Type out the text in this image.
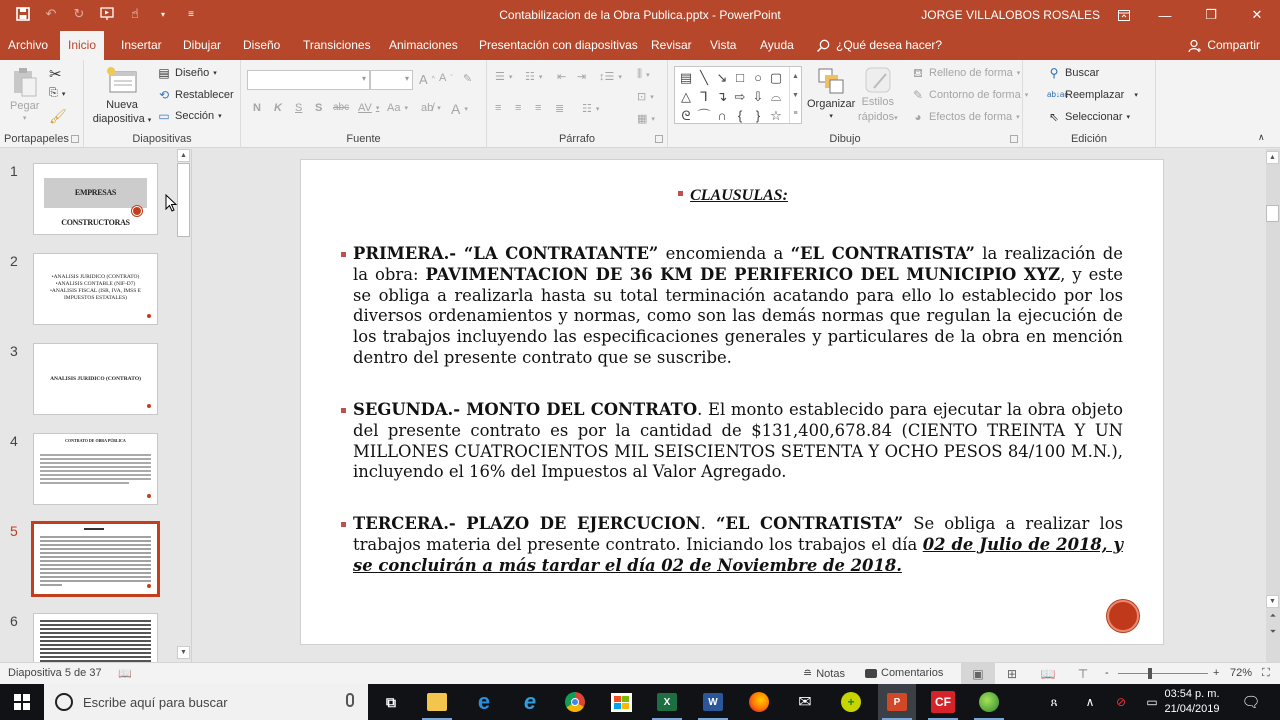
↶ ↻	☝	▾	≡	Contabilizacion de la Obra Publica.pptx - PowerPoint	JORGE VILLALOBOS ROSALES	—	❐	✕
Archivo	Inicio	Insertar	Dibujar	Diseño	Transiciones	Animaciones	Presentación con diapositivas	Revisar	Vista	Ayuda	¿Qué desea hacer?	Compartir
Pegar
▾
✂
⎘ ▾
🖌
Portapapeles
Nueva
diapositiva ▾
▤ Diseño ▾
⟲ Restablecer
▭ Sección ▾
Diapositivas
▾	▾ A ^ A ˇ ✎
N K S S abc AV ▾ Aa ▾ ab̸ ▾ A ▾
Fuente
☰ ▾ ☷ ▾ ⇤ ⇥ ↕☰ ▾ ⫼ ▾
≡ ≡ ≡ ≣ ☷ ▾
⊡ ▾
▦ ▾
Párrafo	Dibujo
▤ ╲ ↘ □ ○ ▢
△ ⅂ ↴ ⇨ ⇩ ⌓
ᘓ ⌒ ∩ {	} ☆
▲
▼
≡
Organizar
▾
Estilos
rápidos▾
⛾ Relleno de forma ▾
✎ Contorno de forma ▾
◕ Efectos de forma ▾
⚲ Buscar
ab↓ac
Reemplazar ▾
⇖ Seleccionar ▾
Edición	∧
1
EMPRESAS CONSTRUCTORAS
2
•ANALISIS JURIDICO (CONTRATO) •ANALISIS CONTABLE (NIF-D7) •ANALISIS FISCAL (ISR, IVA, IMSS E IMPUESTOS ESTATALES)
3
ANALISIS JURIDICO (CONTRATO)
4	CONTRATO DE OBRA PÚBLICA
5
6
▲
▼
CLAUSULAS:
PRIMERA.- “LA CONTRATANTE” encomienda a “EL CONTRATISTA” la realización de la obra: PAVIMENTACION DE 36 KM DE PERIFERICO DEL MUNICIPIO XYZ, y este se obliga a realizarla hasta su total terminación acatando para ello lo establecido por los diversos ordenamientos y normas, como son las demás normas que regulan la ejecución de los trabajos incluyendo las especificaciones generales y particulares de la obra en mención dentro del presente contrato que se suscribe.
SEGUNDA.- MONTO DEL CONTRATO. El monto establecido para ejecutar la obra objeto del presente contrato es por la cantidad de $131,400,678.84 (CIENTO TREINTA Y UN MILLONES CUATROCIENTOS MIL SEISCIENTOS SETENTA Y OCHO PESOS 84/100 M.N.), incluyendo el 16% del Impuestos al Valor Agregado.
TERCERA.- PLAZO DE EJERCUCION. “EL CONTRATISTA” Se obliga a realizar los trabajos materia del presente contrato. Iniciando los trabajos el día 02 de Julio de 2018, y se concluirán a más tardar el día 02 de Noviembre de 2018.
▲
▼
⏶
⏷
Diapositiva 5 de 37 📖	≘ Notas	Comentarios	▣	⊞	📖	⊤	-	+ 72% ⛶
Escribe aquí para buscar	⧉	e e	X	W	✉	+	P	CF	ጸ	∧	⊘	▭
03:54 p. m.
21/04/2019	🗨
